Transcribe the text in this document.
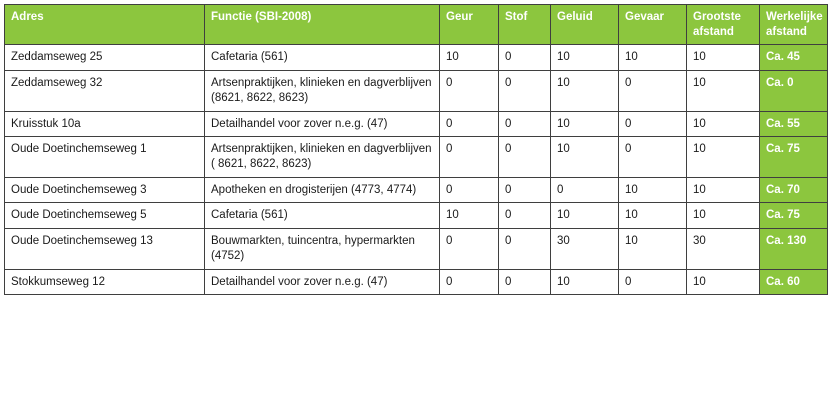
Adres	Functie (SBI-2008)	Geur	Stof	Geluid	Gevaar	Grootste afstand	Werkelijke afstand
Zeddamseweg 25	Cafetaria (561)	10	0	10	10	10	Ca. 45
Zeddamseweg 32	Artsenpraktijken, klinieken en dagverblijven (8621, 8622, 8623)	0	0	10	0	10	Ca. 0
Kruisstuk 10a	Detailhandel voor zover n.e.g. (47)	0	0	10	0	10	Ca. 55
Oude Doetinchemseweg 1	Artsenpraktijken, klinieken en dagverblijven ( 8621, 8622, 8623)	0	0	10	0	10	Ca. 75
Oude Doetinchemseweg 3	Apotheken en drogisterijen (4773, 4774)	0	0	0	10	10	Ca. 70
Oude Doetinchemseweg 5	Cafetaria (561)	10	0	10	10	10	Ca. 75
Oude Doetinchemseweg 13	Bouwmarkten, tuincentra, hypermarkten (4752)	0	0	30	10	30	Ca. 130
Stokkumseweg 12	Detailhandel voor zover n.e.g. (47)	0	0	10	0	10	Ca. 60
